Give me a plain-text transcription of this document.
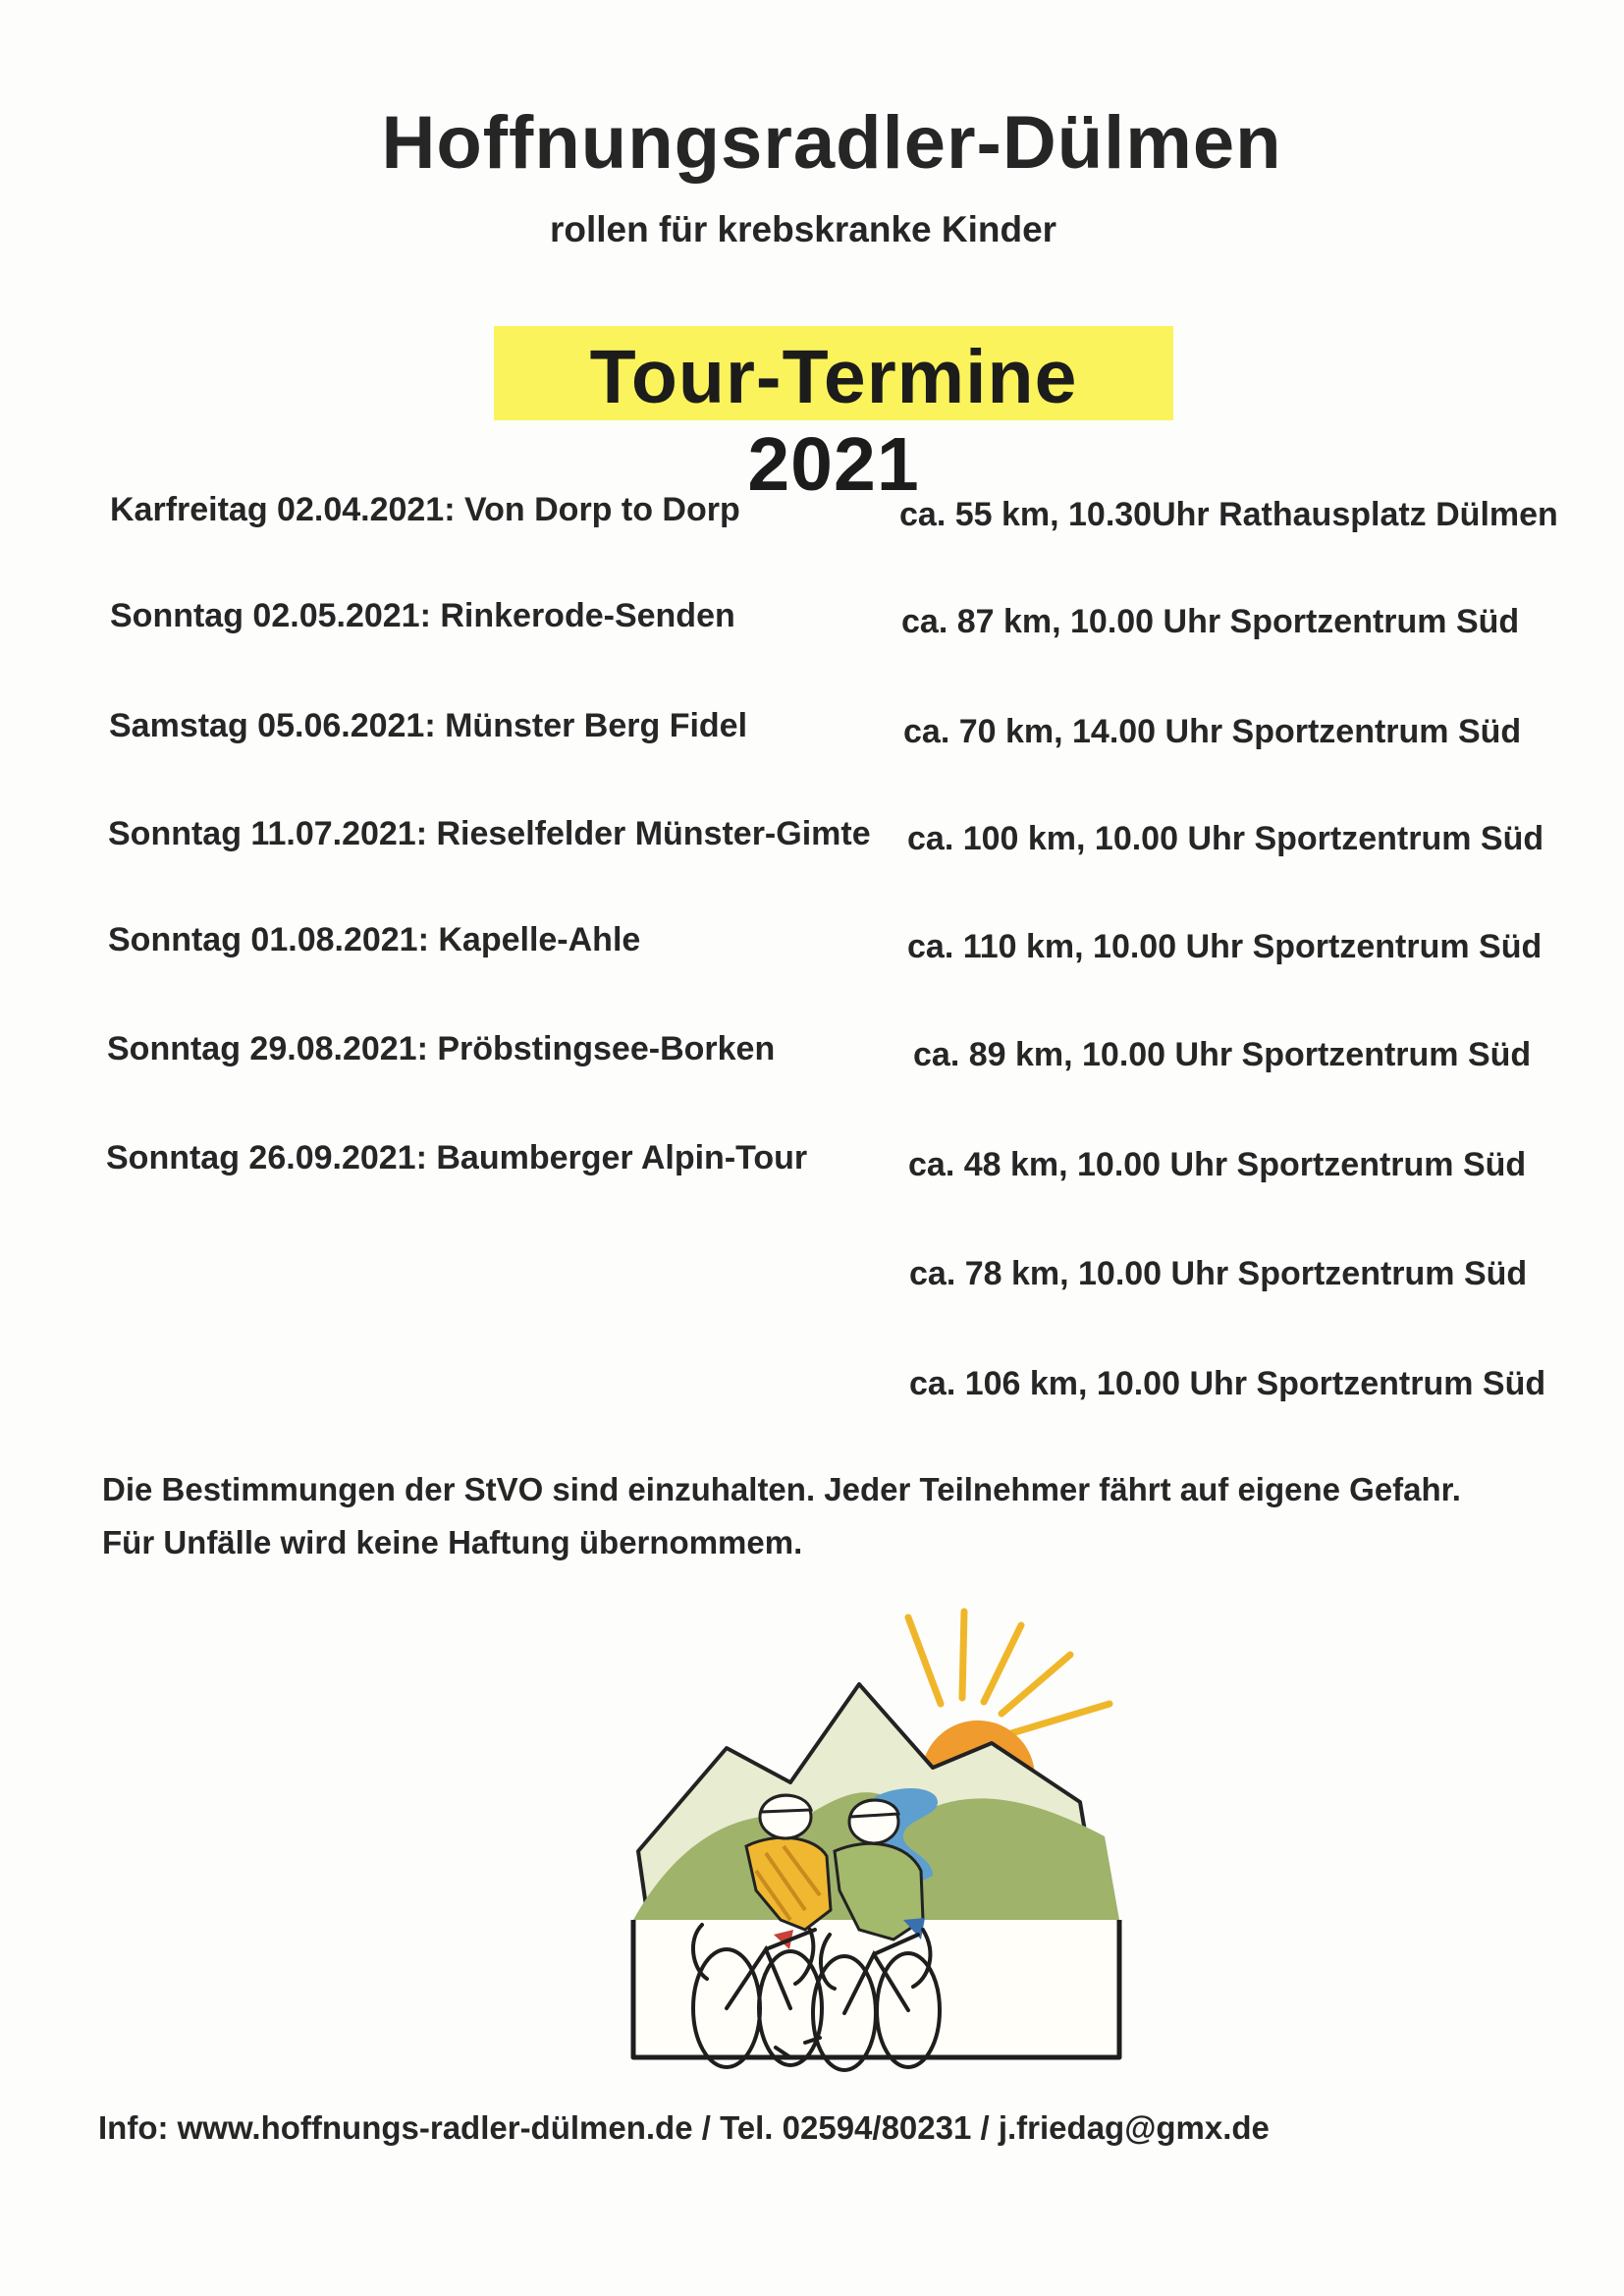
Hoffnungsradler-Dülmen
rollen für krebskranke Kinder
Tour-Termine 2021
Karfreitag 02.04.2021: Von Dorp to Dorp	ca. 55 km, 10.30Uhr Rathausplatz Dülmen
Sonntag 02.05.2021: Rinkerode-Senden	ca. 87 km, 10.00 Uhr Sportzentrum Süd
Samstag 05.06.2021: Münster Berg Fidel	ca. 70 km, 14.00 Uhr Sportzentrum Süd
Sonntag 11.07.2021: Rieselfelder Münster-Gimte ca. 100 km, 10.00 Uhr Sportzentrum Süd
Sonntag 01.08.2021: Kapelle-Ahle	ca. 110 km, 10.00 Uhr Sportzentrum Süd
Sonntag 29.08.2021: Pröbstingsee-Borken	ca. 89 km, 10.00 Uhr Sportzentrum Süd
Sonntag 26.09.2021: Baumberger Alpin-Tour	ca. 48 km, 10.00 Uhr Sportzentrum Süd
ca. 78 km, 10.00 Uhr Sportzentrum Süd
ca. 106 km, 10.00 Uhr Sportzentrum Süd
Die Bestimmungen der StVO sind einzuhalten. Jeder Teilnehmer fährt auf eigene Gefahr.
Für Unfälle wird keine Haftung übernommem.
Info: www.hoffnungs-radler-dülmen.de / Tel. 02594/80231 / j.friedag@gmx.de
